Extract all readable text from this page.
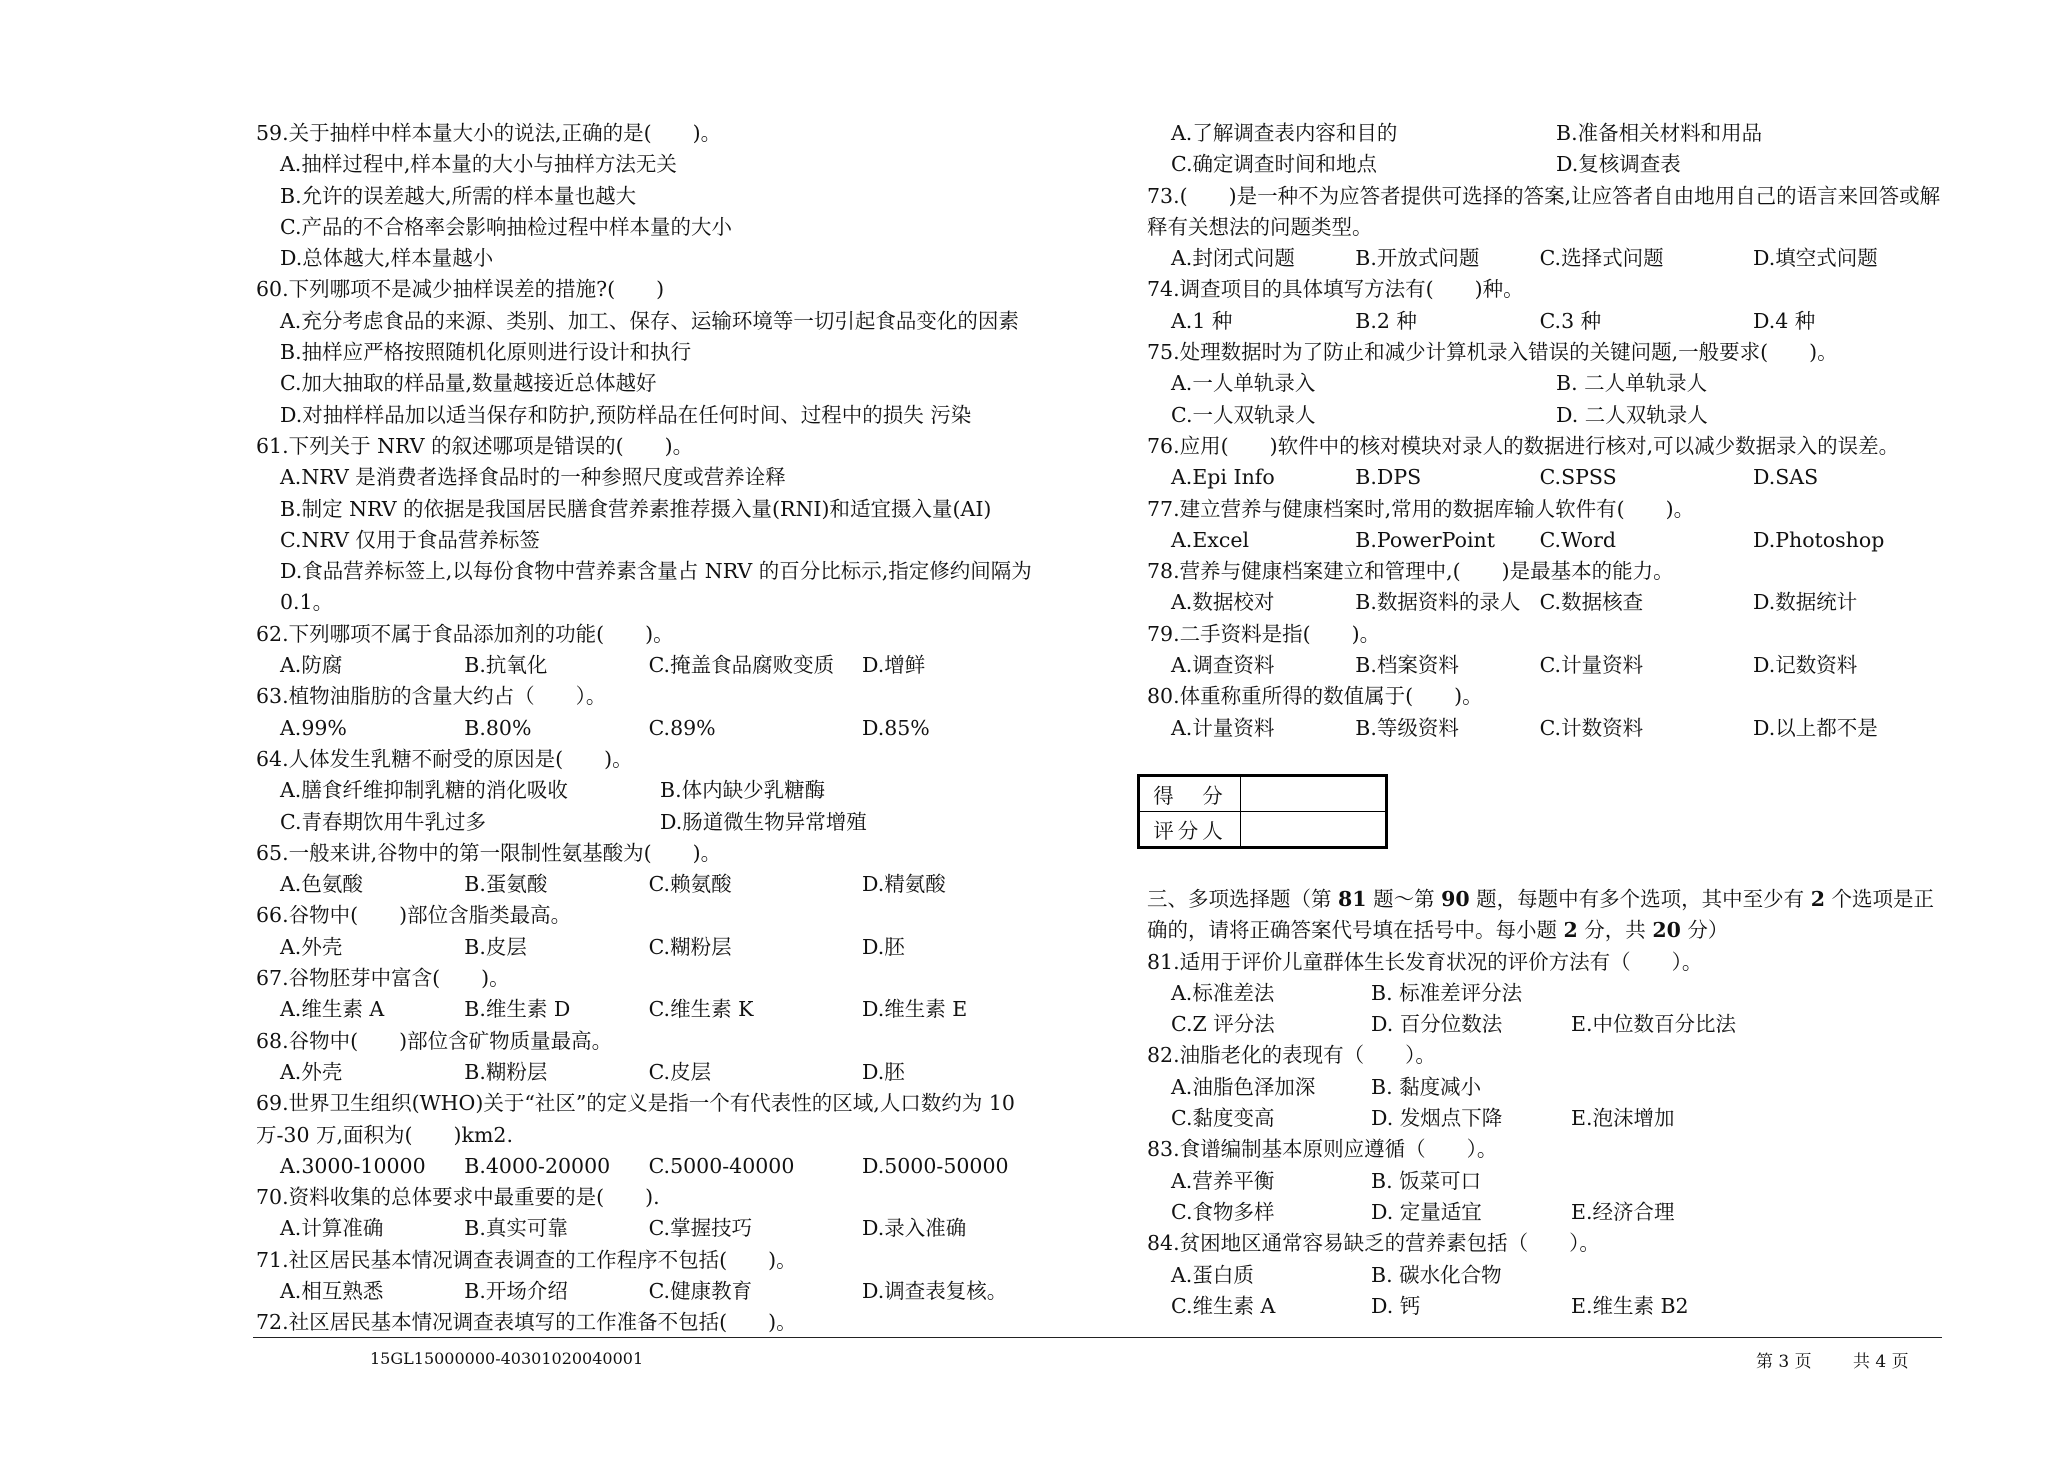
59.关于抽样中样本量大小的说法,正确的是(　　)。
A.抽样过程中,样本量的大小与抽样方法无关
B.允许的误差越大,所需的样本量也越大
C.产品的不合格率会影响抽检过程中样本量的大小
D.总体越大,样本量越小
60.下列哪项不是减少抽样误差的措施?(　　)
A.充分考虑食品的来源、类别、加工、保存、运输环境等一切引起食品变化的因素
B.抽样应严格按照随机化原则进行设计和执行
C.加大抽取的样品量,数量越接近总体越好
D.对抽样样品加以适当保存和防护,预防样品在任何时间、过程中的损失 污染
61.下列关于 NRV 的叙述哪项是错误的(　　)。
A.NRV 是消费者选择食品时的一种参照尺度或营养诠释
B.制定 NRV 的依据是我国居民膳食营养素推荐摄入量(RNI)和适宜摄入量(AI)
C.NRV 仅用于食品营养标签
D.食品营养标签上,以每份食物中营养素含量占 NRV 的百分比标示,指定修约间隔为
0.1。
62.下列哪项不属于食品添加剂的功能(　　)。
A.防腐	B.抗氧化	C.掩盖食品腐败变质	D.增鲜
63.植物油脂肪的含量大约占（　　）。
A.99%	B.80%	C.89%	D.85%
64.人体发生乳糖不耐受的原因是(　　)。
A.膳食纤维抑制乳糖的消化吸收	B.体内缺少乳糖酶
C.青春期饮用牛乳过多	D.肠道微生物异常增殖
65.一般来讲,谷物中的第一限制性氨基酸为(　　)。
A.色氨酸	B.蛋氨酸	C.赖氨酸	D.精氨酸
66.谷物中(　　)部位含脂类最高。
A.外壳	B.皮层	C.糊粉层	D.胚
67.谷物胚芽中富含(　　)。
A.维生素 A	B.维生素 D	C.维生素 K	D.维生素 E
68.谷物中(　　)部位含矿物质量最高。
A.外壳	B.糊粉层	C.皮层	D.胚
69.世界卫生组织(WHO)关于“社区”的定义是指一个有代表性的区域,人口数约为 10 万-30 万,面积为(　　)km2.
A.3000-10000	B.4000-20000	C.5000-40000	D.5000-50000
70.资料收集的总体要求中最重要的是(　　).
A.计算准确	B.真实可靠	C.掌握技巧	D.录入准确
71.社区居民基本情况调查表调查的工作程序不包括(　　)。
A.相互熟悉	B.开场介绍	C.健康教育	D.调查表复核。
72.社区居民基本情况调查表填写的工作准备不包括(　　)。
A.了解调查表内容和目的	B.准备相关材料和用品
C.确定调查时间和地点	D.复核调查表
73.(　　)是一种不为应答者提供可选择的答案,让应答者自由地用自己的语言来回答或解释有关想法的问题类型。
A.封闭式问题	B.开放式问题	C.选择式问题	D.填空式问题
74.调查项目的具体填写方法有(　　)种。
A.1 种	B.2 种	C.3 种	D.4 种
75.处理数据时为了防止和减少计算机录入错误的关键问题,一般要求(　　)。
A.一人单轨录入	B. 二人单轨录人
C.一人双轨录人	D. 二人双轨录人
76.应用(　　)软件中的核对模块对录人的数据进行核对,可以减少数据录入的误差。
A.Epi Info	B.DPS	C.SPSS	D.SAS
77.建立营养与健康档案时,常用的数据库输人软件有(　　)。
A.Excel	B.PowerPoint	C.Word	D.Photoshop
78.营养与健康档案建立和管理中,(　　)是最基本的能力。
A.数据校对	B.数据资料的录人 C.数据核查	D.数据统计
79.二手资料是指(　　)。
A.调查资料	B.档案资料	C.计量资料	D.记数资料
80.体重称重所得的数值属于(　　)。
A.计量资料	B.等级资料	C.计数资料	D.以上都不是
得　分	
评分人	
三、多项选择题（第 81 题～第 90 题，每题中有多个选项，其中至少有 2 个选项是正确的，请将正确答案代号填在括号中。每小题 2 分，共 20 分）
81.适用于评价儿童群体生长发育状况的评价方法有（　　）。
A.标准差法	B. 标准差评分法
C.Z 评分法	D. 百分位数法	E.中位数百分比法
82.油脂老化的表现有（　　）。
A.油脂色泽加深	B. 黏度减小
C.黏度变高	D. 发烟点下降	E.泡沫增加
83.食谱编制基本原则应遵循（　　）。
A.营养平衡	B. 饭菜可口
C.食物多样	D. 定量适宜	E.经济合理
84.贫困地区通常容易缺乏的营养素包括（　　）。
A.蛋白质	B. 碳水化合物
C.维生素 A	D. 钙	E.维生素 B2
15GL15000000-40301020040001	第 3 页 共 4 页
